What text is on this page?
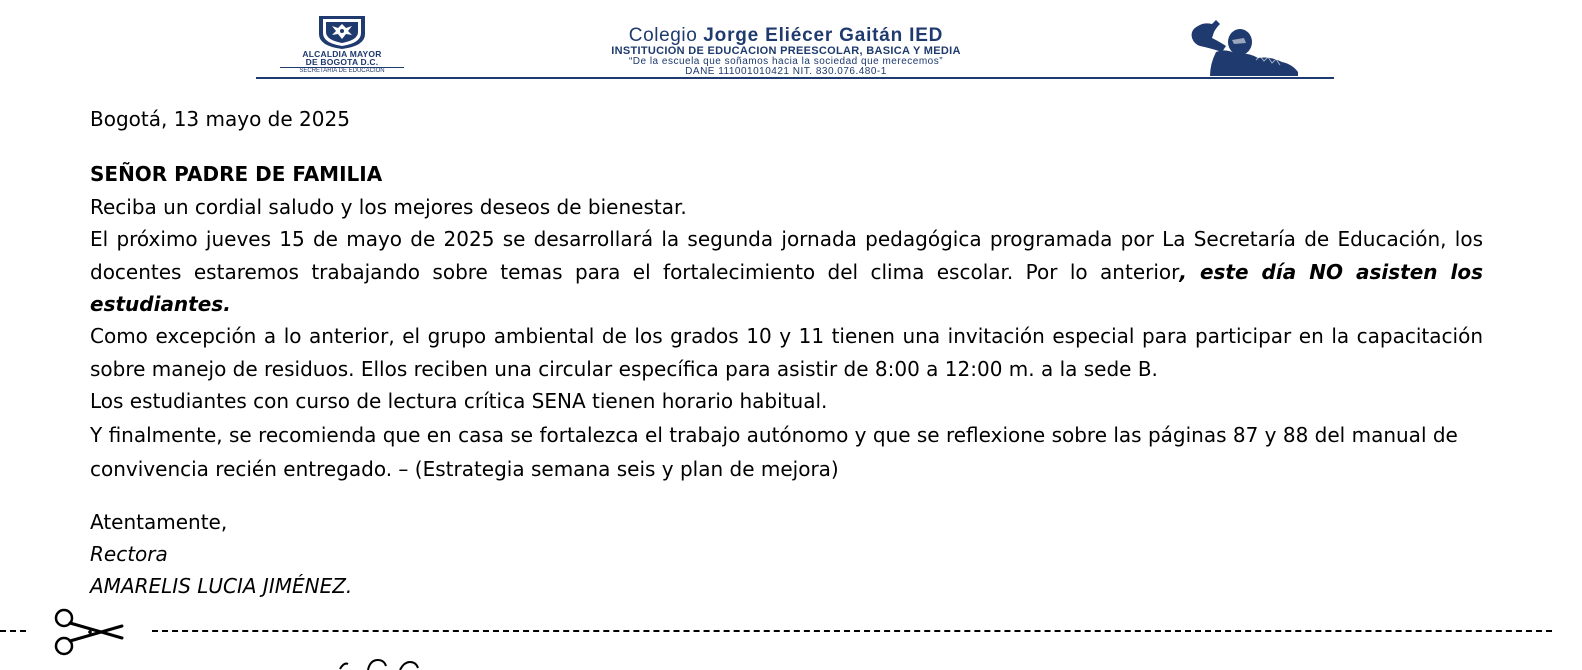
ALCALDIA MAYOR
DE BOGOTA D.C.
SECRETARIA DE EDUCACION
Colegio Jorge Eliécer Gaitán IED
INSTITUCION DE EDUCACION PREESCOLAR, BASICA Y MEDIA
“De la escuela que soñamos hacia la sociedad que merecemos”
DANE 111001010421 NIT. 830.076.480-1

Bogotá, 13 mayo de 2025

SEÑOR PADRE DE FAMILIA

Reciba un cordial saludo y los mejores deseos de bienestar.

El próximo jueves 15 de mayo de 2025 se desarrollará la segunda jornada pedagógica programada por La Secretaría de Educación, los docentes estaremos trabajando sobre temas para el fortalecimiento del clima escolar. Por lo anterior, este día NO asisten los estudiantes.

Como excepción a lo anterior, el grupo ambiental de los grados 10 y 11 tienen una invitación especial para participar en la capacitación sobre manejo de residuos. Ellos reciben una circular específica para asistir de 8:00 a 12:00 m. a la sede B.

Los estudiantes con curso de lectura crítica SENA tienen horario habitual.

Y finalmente, se recomienda que en casa se fortalezca el trabajo autónomo y que se reflexione sobre las páginas 87 y 88 del manual de convivencia recién entregado. – (Estrategia semana seis y plan de mejora)

Atentamente,

Rectora

AMARELIS LUCIA JIMÉNEZ.
